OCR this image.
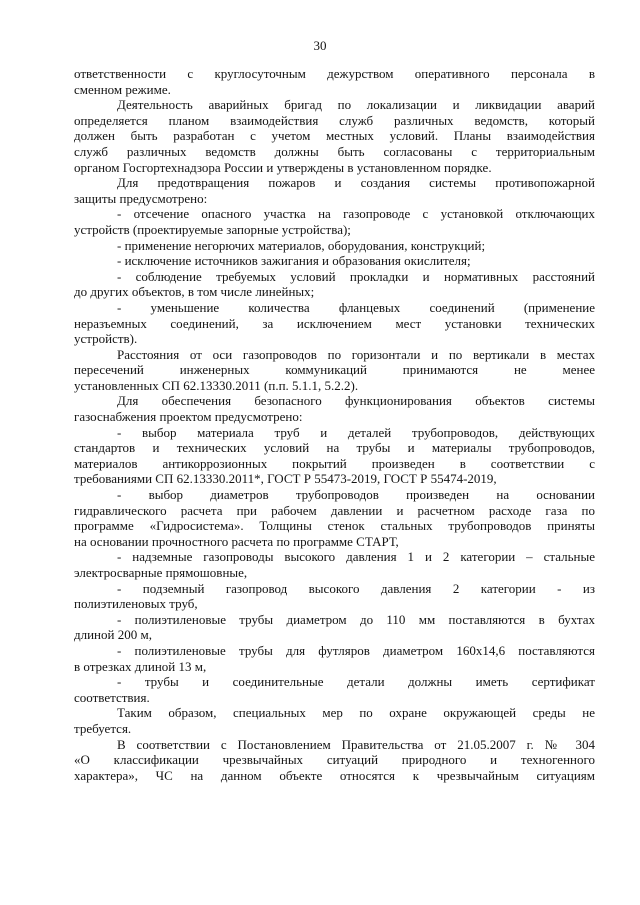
30
ответственности с круглосуточным дежурством оперативного персонала в
сменном режиме.
Деятельность аварийных бригад по локализации и ликвидации аварий
определяется планом взаимодействия служб различных ведомств, который
должен быть разработан с учетом местных условий. Планы взаимодействия
служб различных ведомств должны быть согласованы с территориальным
органом Госгортехнадзора России и утверждены в установленном порядке.
Для предотвращения пожаров и создания системы противопожарной
защиты предусмотрено:
- отсечение опасного участка на газопроводе с установкой отключающих
устройств (проектируемые запорные устройства);
- применение негорючих материалов, оборудования, конструкций;
- исключение источников зажигания и образования окислителя;
- соблюдение требуемых условий прокладки и нормативных расстояний
до других объектов, в том числе линейных;
- уменьшение количества фланцевых соединений (применение
неразъемных соединений, за исключением мест установки технических
устройств).
Расстояния от оси газопроводов по горизонтали и по вертикали в местах
пересечений инженерных коммуникаций принимаются не менее
установленных СП 62.13330.2011 (п.п. 5.1.1, 5.2.2).
Для обеспечения безопасного функционирования объектов системы
газоснабжения проектом предусмотрено:
- выбор материала труб и деталей трубопроводов, действующих
стандартов и технических условий на трубы и материалы трубопроводов,
материалов антикоррозионных покрытий произведен в соответствии с
требованиями СП 62.13330.2011*, ГОСТ Р 55473-2019, ГОСТ Р 55474-2019,
- выбор диаметров трубопроводов произведен на основании
гидравлического расчета при рабочем давлении и расчетном расходе газа по
программе «Гидросистема». Толщины стенок стальных трубопроводов приняты
на основании прочностного расчета по программе СТАРТ,
- надземные газопроводы высокого давления 1 и 2 категории – стальные
электросварные прямошовные,
- подземный газопровод высокого давления 2 категории - из
полиэтиленовых труб,
- полиэтиленовые трубы диаметром до 110 мм поставляются в бухтах
длиной 200 м,
- полиэтиленовые трубы для футляров диаметром 160х14,6 поставляются
в отрезках длиной 13 м,
- трубы и соединительные детали должны иметь сертификат
соответствия.
Таким образом, специальных мер по охране окружающей среды не
требуется.
В соответствии с Постановлением Правительства от 21.05.2007 г. № 304
«О классификации чрезвычайных ситуаций природного и техногенного
характера», ЧС на данном объекте относятся к чрезвычайным ситуациям
